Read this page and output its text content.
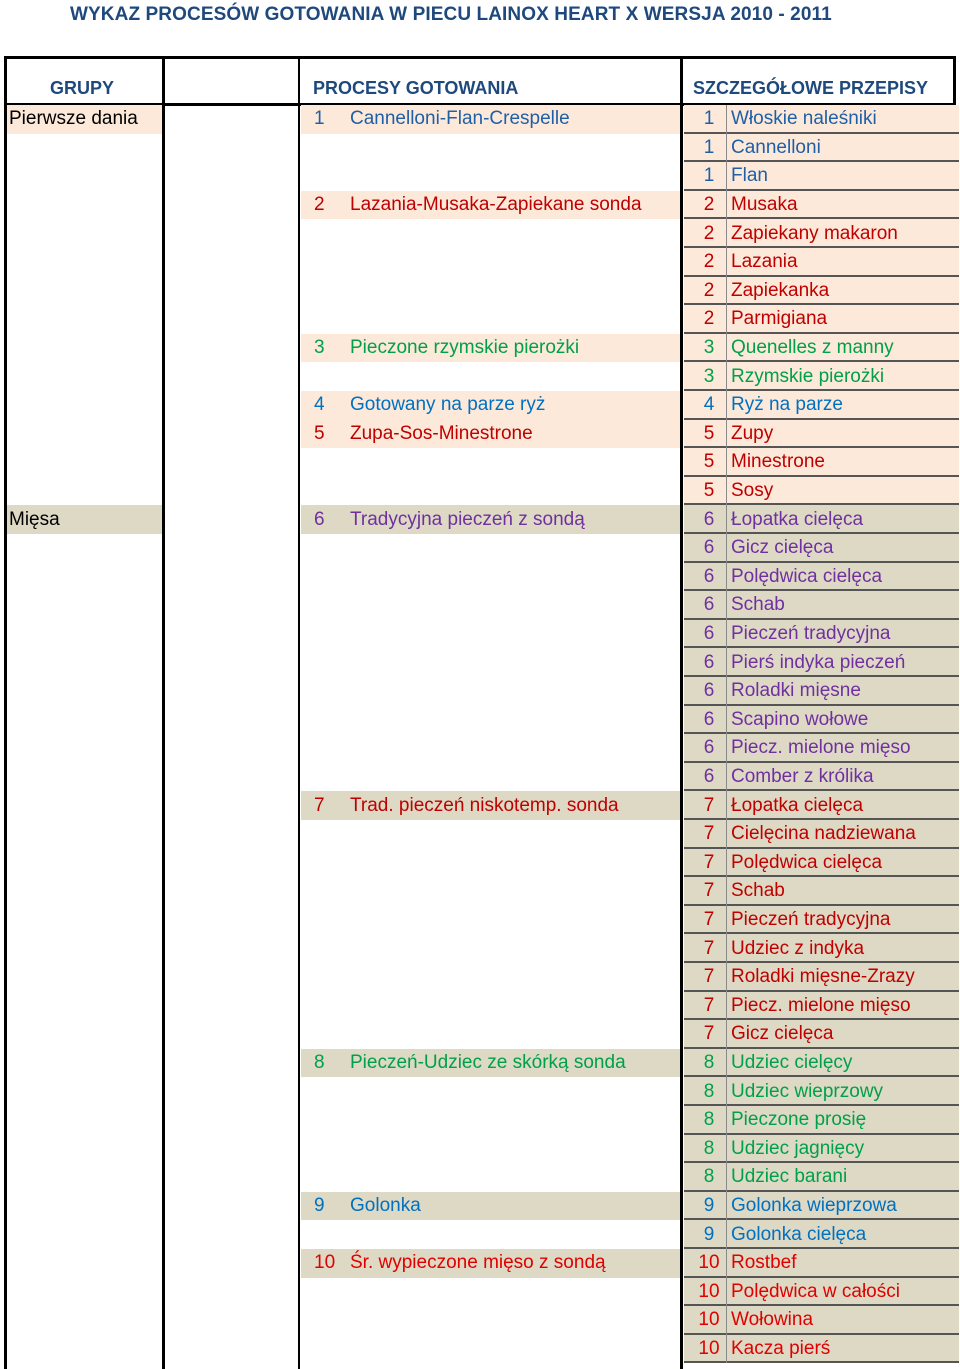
WYKAZ PROCESÓW GOTOWANIA W PIECU LAINOX HEART X WERSJA 2010 - 2011
GRUPY	PROCESY GOTOWANIA	SZCZEGÓŁOWE PRZEPISY
Pierwsze dania	1	Cannelloni-Flan-Crespelle	1 Włoskie naleśniki
1 Cannelloni
1 Flan
2	Lazania-Musaka-Zapiekane sonda	2 Musaka
2 Zapiekany makaron
2 Lazania
2 Zapiekanka
2 Parmigiana
3	Pieczone rzymskie pierożki	3 Quenelles z manny
3 Rzymskie pierożki
4	Gotowany na parze ryż	4 Ryż na parze
5	Zupa-Sos-Minestrone	5 Zupy
5 Minestrone
5 Sosy
Mięsa	6	Tradycyjna pieczeń z sondą	6 Łopatka cielęca
6 Gicz cielęca
6 Polędwica cielęca
6 Schab
6 Pieczeń tradycyjna
6 Pierś indyka pieczeń
6 Roladki mięsne
6 Scapino wołowe
6 Piecz. mielone mięso
6 Comber z królika
7	Trad. pieczeń niskotemp. sonda	7 Łopatka cielęca
7 Cielęcina nadziewana
7 Polędwica cielęca
7 Schab
7 Pieczeń tradycyjna
7 Udziec z indyka
7 Roladki mięsne-Zrazy
7 Piecz. mielone mięso
7 Gicz cielęca
8	Pieczeń-Udziec ze skórką sonda	8 Udziec cielęcy
8 Udziec wieprzowy
8 Pieczone prosię
8 Udziec jagnięcy
8 Udziec barani
9	Golonka	9 Golonka wieprzowa
9 Golonka cielęca
10 Śr. wypieczone mięso z sondą	10 Rostbef
10 Polędwica w całości
10 Wołowina
10 Kacza pierś
